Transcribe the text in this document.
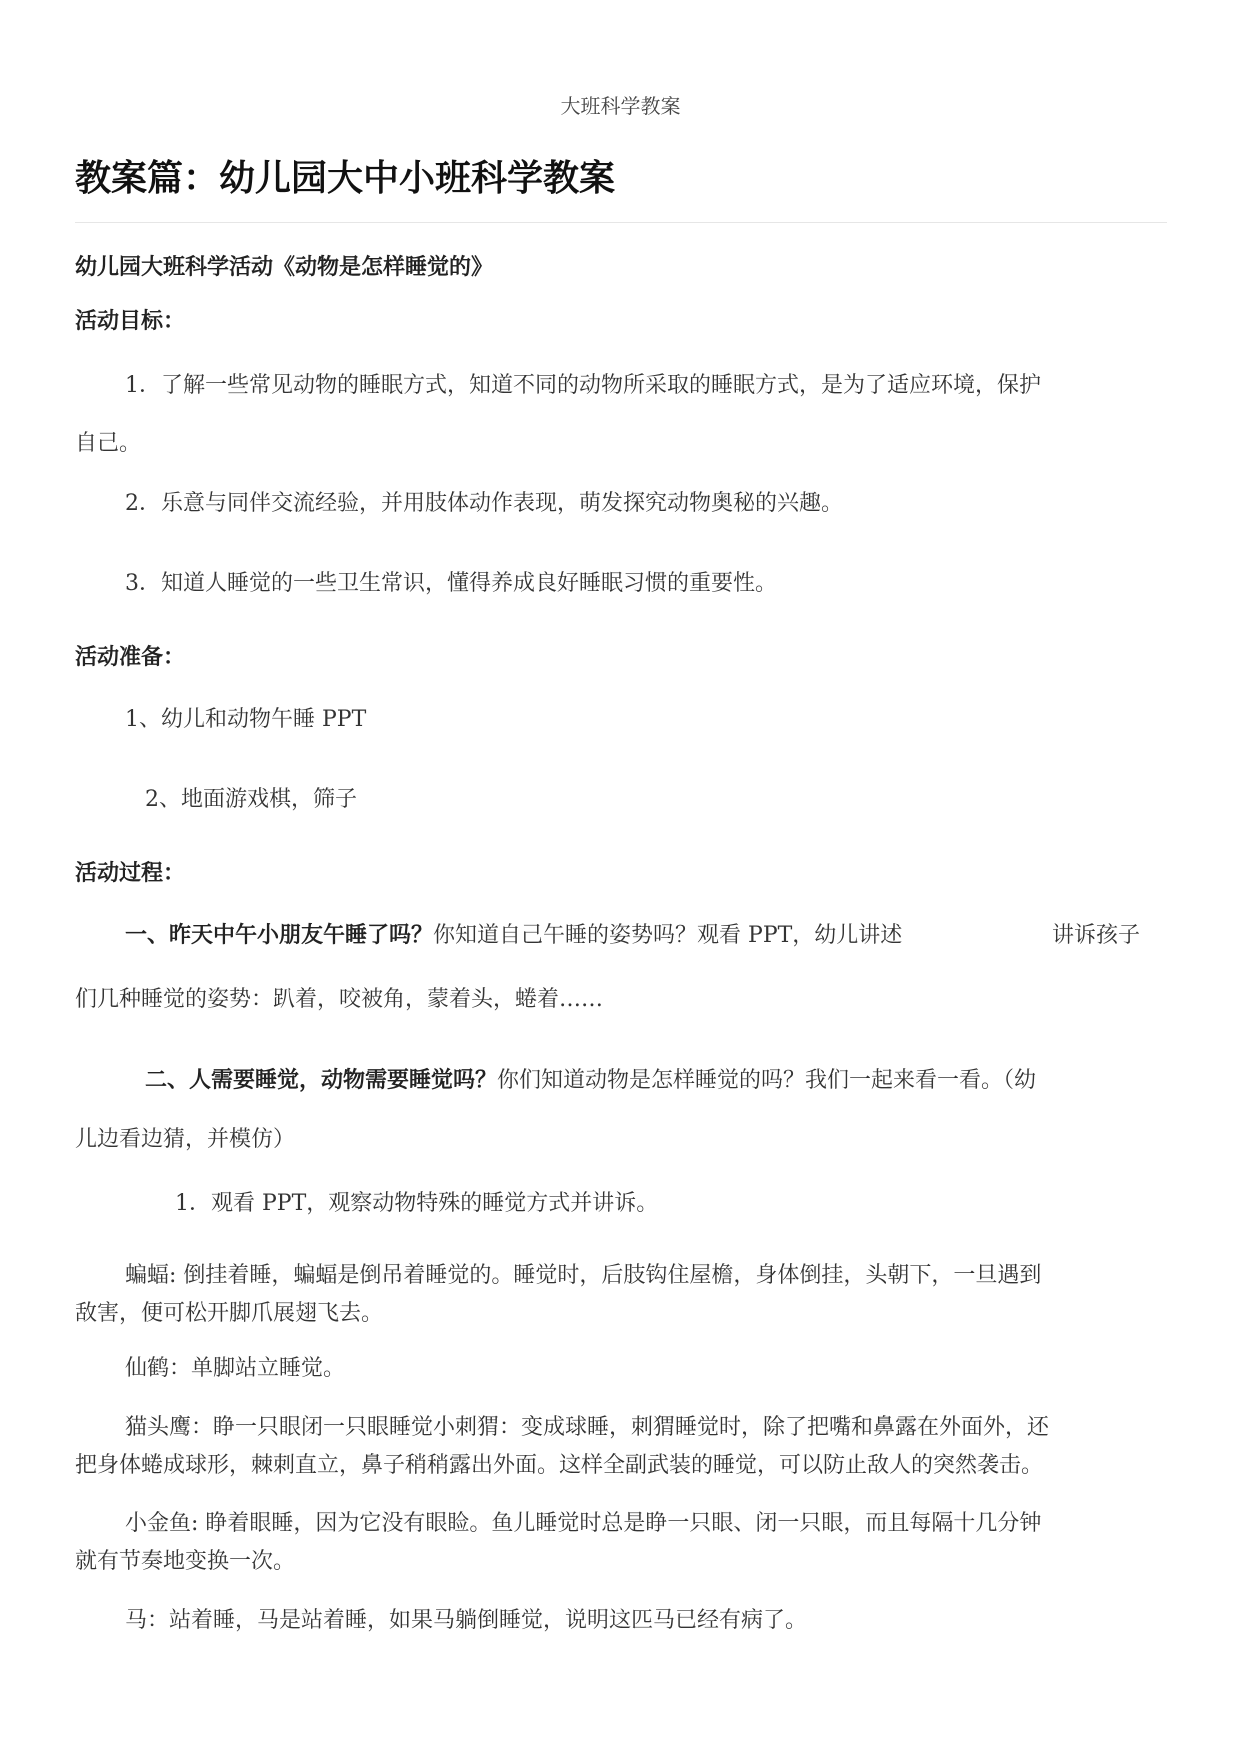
大班科学教案
教案篇：幼儿园大中小班科学教案
幼儿园大班科学活动《动物是怎样睡觉的》
活动目标：
1．了解一些常见动物的睡眠方式，知道不同的动物所采取的睡眠方式，是为了适应环境，保护
自己。
2．乐意与同伴交流经验，并用肢体动作表现，萌发探究动物奥秘的兴趣。
3．知道人睡觉的一些卫生常识，懂得养成良好睡眠习惯的重要性。
活动准备：
1、幼儿和动物午睡 PPT
2、地面游戏棋，筛子
活动过程：
一、昨天中午小朋友午睡了吗？你知道自己午睡的姿势吗？观看 PPT，幼儿讲述	讲诉孩子
们几种睡觉的姿势：趴着，咬被角，蒙着头，蜷着……
二、人需要睡觉，动物需要睡觉吗？你们知道动物是怎样睡觉的吗？我们一起来看一看。（幼
儿边看边猜，并模仿）
1．观看 PPT，观察动物特殊的睡觉方式并讲诉。
蝙蝠: 倒挂着睡，蝙蝠是倒吊着睡觉的。睡觉时，后肢钩住屋檐，身体倒挂，头朝下，一旦遇到
敌害，便可松开脚爪展翅飞去。
仙鹤：单脚站立睡觉。
猫头鹰：睁一只眼闭一只眼睡觉小刺猬：变成球睡，刺猬睡觉时，除了把嘴和鼻露在外面外，还
把身体蜷成球形，棘刺直立，鼻子稍稍露出外面。这样全副武装的睡觉，可以防止敌人的突然袭击。
小金鱼: 睁着眼睡，因为它没有眼睑。鱼儿睡觉时总是睁一只眼、闭一只眼，而且每隔十几分钟
就有节奏地变换一次。
马：站着睡，马是站着睡，如果马躺倒睡觉，说明这匹马已经有病了。
